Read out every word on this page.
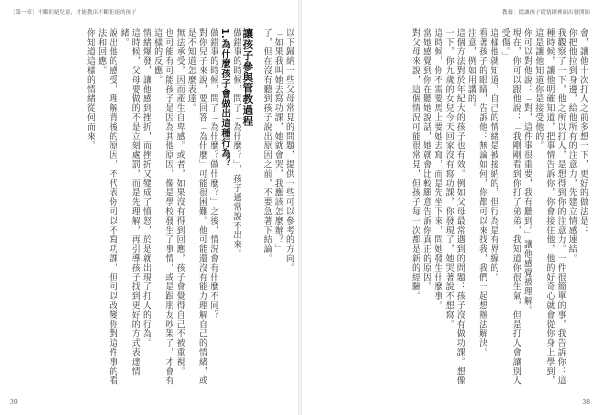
〔第一章〕不斷拒絕兒童，才能教出不斷拒絕的孩子	教養：從讓孩子從情緒裡面出發開始
會，讓他十次打人之前多想一下，更好的做法是：
你把他拉到身邊，給他所有的注意力，先建立情感連結。
我觀察了一下，他之所以打人，是想得到你的注意力。一件很簡單的事，我告訴你：這種時候，讓他明確知道，把事情告訴你，你會接住他，他的好奇心就會從你身上學到，這是讓他知道你是接受他的。
你可以對他說：「對，這件事很重要，我有聽到。」讓他感覺被理解。
現在，你可以跟他說：「我剛剛看到你打了弟弟，我知道你很生氣，但是打人會讓別人受傷。」
這樣他就知道，自己的情緒是被接納的，但行為是有界線的。
看著孩子的眼睛，告訴他：無論如何，你都可以來找我，我們一起想辦法解決。
注意，例如用講的。
這個方法對於年紀大的孩子也有效。例如父母最常遇到的問題：孩子沒有做功課。想像一下，你九歲的女兒今天回家沒有寫功課，你發現了，她哭著說不想寫。
這時候，你不需要馬上要她去寫，而是先坐下來，問她發生什麼事。
當她感覺到你在聽她說話，她就會比較願意告訴你真正的原因。
對父母來說，這個情況可能很常見，但孩子每一次都是新的經驗。
以下歸納一些父母常見的問題，提供一些可以參考的方向。
「如果我叫她去寫功課，她就會哭，我應該怎麼辦？」
了，但在沒有聽到孩子說出原因之前，不要急著下結論。
讓孩子參與管教過程
做錯事的時候，問了「為什麼？」，孩子通常說不出來。
1.為什麼孩子會做出這種行為？
做錯事的時候，問了「為什麼？做什麼？」之後，情況會有什麼不同？
對你兒子來說，要回答「為什麼」可能很困難。他可能還沒有能力理解自己的情緒，或是不知道怎麼表達。
無法承受，因而產生自卑感。或者，如果沒有得到回應，孩子會覺得自己不被重視。
也可能有可能孩子是因為其他原因，像是學校發生了事情，或是跟朋友吵架了，才會有這樣的反應。
情緒爆發，讓他感到挫折，而挫折又變成了憤怒，於是就出現了打人的行為。
這時候，父母要做的不是立刻處罰，而是先理解，再引導孩子找到更好的方式表達情緒。
說出他的感受，理解背後的原因，不代表你可以不寫功課，但可以改變你對這件事的看法和回應。
你知道這樣的情緒從何而來。
39	38
